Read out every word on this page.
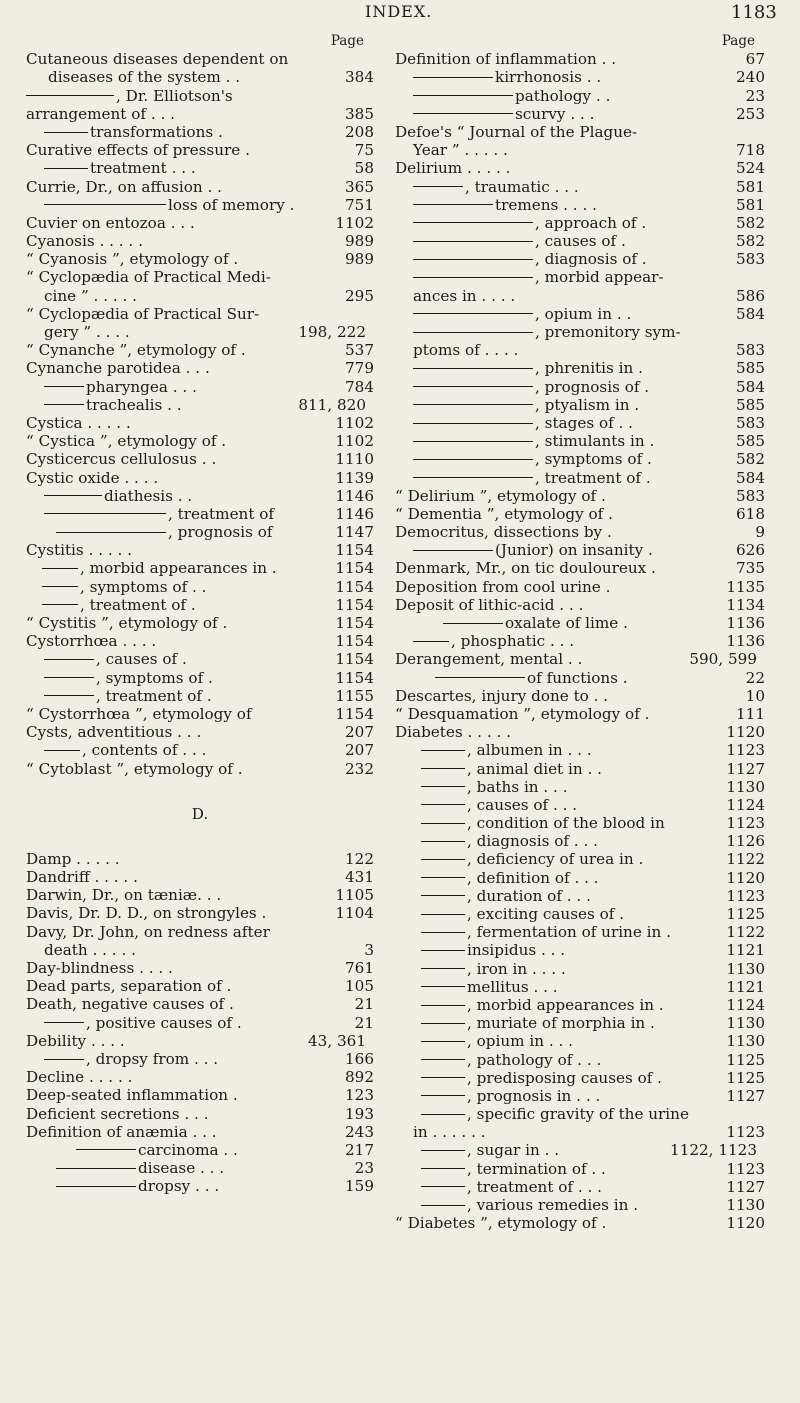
INDEX.	1183
Page
Cutaneous diseases dependent on
diseases of the system . .	384
, Dr. Elliotson's
arrangement of . . .	385
transformations .	208
Curative effects of pressure .	75
treatment . . .	58
Currie, Dr., on affusion . .	365
loss of memory .	751
Cuvier on entozoa . . .	1102
Cyanosis . . . . .	989
“ Cyanosis ”, etymology of .	989
“ Cyclopædia of Practical Medi-
cine ” . . . . .	295
“ Cyclopædia of Practical Sur-
gery ” . . . .	198, 222
“ Cynanche ”, etymology of .	537
Cynanche parotidea . . .	779
pharyngea . . .	784
trachealis . .	811, 820
Cystica . . . . .	1102
“ Cystica ”, etymology of .	1102
Cysticercus cellulosus . .	1110
Cystic oxide . . . .	1139
diathesis . .	1146
, treatment of	1146
, prognosis of	1147
Cystitis . . . . .	1154
, morbid appearances in .	1154
, symptoms of . .	1154
, treatment of .	1154
“ Cystitis ”, etymology of .	1154
Cystorrhœa . . . .	1154
, causes of .	1154
, symptoms of .	1154
, treatment of .	1155
“ Cystorrhœa ”, etymology of	1154
Cysts, adventitious . . .	207
, contents of . . .	207
“ Cytoblast ”, etymology of .	232
D.
Damp . . . . .	122
Dandriff . . . . .	431
Darwin, Dr., on tæniæ. . .	1105
Davis, Dr. D. D., on strongyles .	1104
Davy, Dr. John, on redness after
death . . . . .	3
Day-blindness . . . .	761
Dead parts, separation of .	105
Death, negative causes of .	21
, positive causes of .	21
Debility . . . .	43, 361
, dropsy from . . .	166
Decline . . . . .	892
Deep-seated inflammation .	123
Deficient secretions . . .	193
Definition of anæmia . . .	243
carcinoma . .	217
disease . . .	23
dropsy . . .	159
Page
Definition of inflammation . .	67
kirrhonosis . .	240
pathology . .	23
scurvy . . .	253
Defoe's “ Journal of the Plague-
Year ” . . . . .	718
Delirium . . . . .	524
, traumatic . . .	581
tremens . . . .	581
, approach of .	582
, causes of .	582
, diagnosis of .	583
, morbid appear-
ances in . . . .	586
, opium in . .	584
, premonitory sym-
ptoms of . . . .	583
, phrenitis in .	585
, prognosis of .	584
, ptyalism in .	585
, stages of . .	583
, stimulants in .	585
, symptoms of .	582
, treatment of .	584
“ Delirium ”, etymology of .	583
“ Dementia ”, etymology of .	618
Democritus, dissections by .	9
(Junior) on insanity .	626
Denmark, Mr., on tic douloureux .	735
Deposition from cool urine .	1135
Deposit of lithic-acid . . .	1134
oxalate of lime .	1136
, phosphatic . . .	1136
Derangement, mental . .	590, 599
of functions .	22
Descartes, injury done to . .	10
“ Desquamation ”, etymology of .	111
Diabetes . . . . .	1120
, albumen in . . .	1123
, animal diet in . .	1127
, baths in . . .	1130
, causes of . . .	1124
, condition of the blood in	1123
, diagnosis of . . .	1126
, deficiency of urea in .	1122
, definition of . . .	1120
, duration of . . .	1123
, exciting causes of .	1125
, fermentation of urine in .	1122
insipidus . . .	1121
, iron in . . . .	1130
mellitus . . .	1121
, morbid appearances in .	1124
, muriate of morphia in .	1130
, opium in . . .	1130
, pathology of . . .	1125
, predisposing causes of .	1125
, prognosis in . . .	1127
, specific gravity of the urine
in . . . . . .	1123
, sugar in . .	1122, 1123
, termination of . .	1123
, treatment of . . .	1127
, various remedies in .	1130
“ Diabetes ”, etymology of .	1120
